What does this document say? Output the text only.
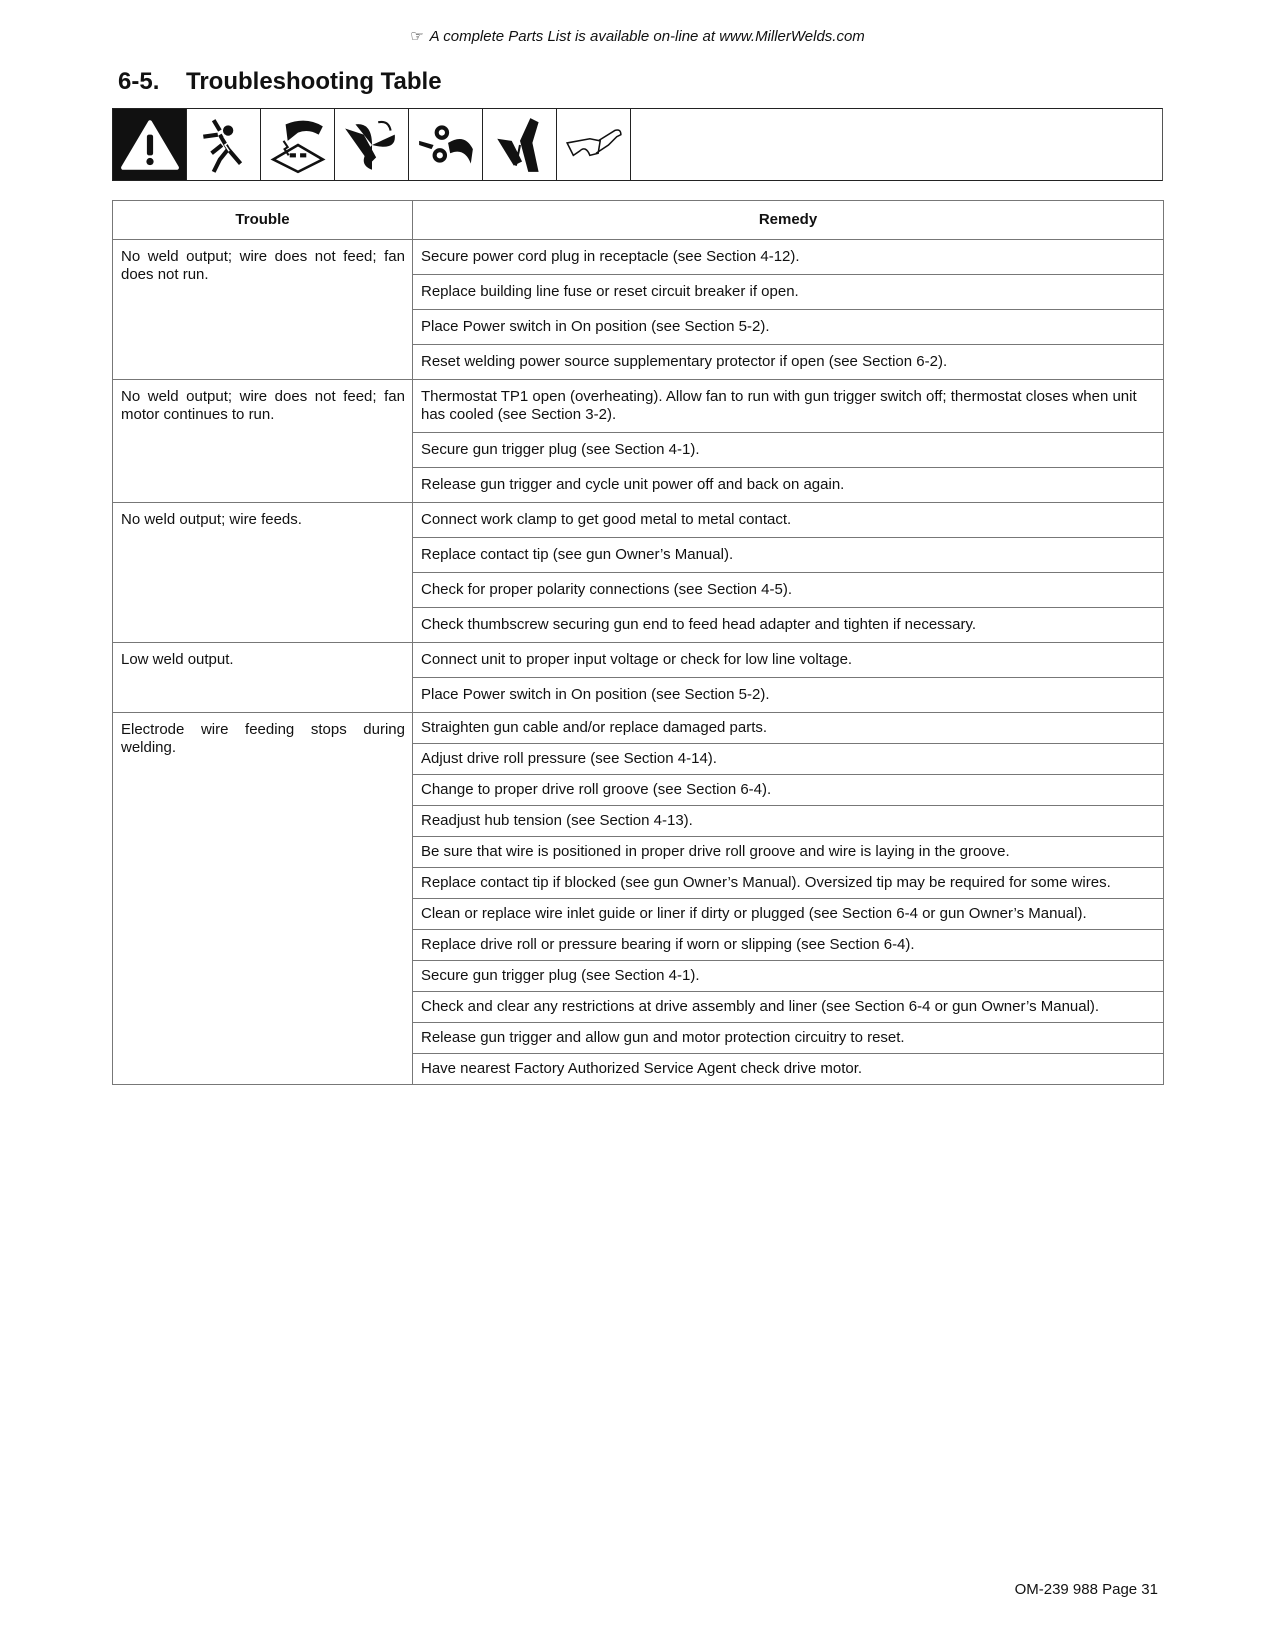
☞ A complete Parts List is available on-line at www.MillerWelds.com
6-5. Troubleshooting Table
Trouble	Remedy
No weld output; wire does not feed; fan does not run.	Secure power cord plug in receptacle (see Section 4-12).
	Replace building line fuse or reset circuit breaker if open.
	Place Power switch in On position (see Section 5-2).
	Reset welding power source supplementary protector if open (see Section 6-2).
No weld output; wire does not feed; fan motor continues to run.	Thermostat TP1 open (overheating). Allow fan to run with gun trigger switch off; thermostat closes when unit has cooled (see Section 3-2).
	Secure gun trigger plug (see Section 4-1).
	Release gun trigger and cycle unit power off and back on again.
No weld output; wire feeds.	Connect work clamp to get good metal to metal contact.
	Replace contact tip (see gun Owner’s Manual).
	Check for proper polarity connections (see Section 4-5).
	Check thumbscrew securing gun end to feed head adapter and tighten if necessary.
Low weld output.	Connect unit to proper input voltage or check for low line voltage.
	Place Power switch in On position (see Section 5-2).
Electrode wire feeding stops during welding.	Straighten gun cable and/or replace damaged parts.
	Adjust drive roll pressure (see Section 4-14).
	Change to proper drive roll groove (see Section 6-4).
	Readjust hub tension (see Section 4-13).
	Be sure that wire is positioned in proper drive roll groove and wire is laying in the groove.
	Replace contact tip if blocked (see gun Owner’s Manual). Oversized tip may be required for some wires.
	Clean or replace wire inlet guide or liner if dirty or plugged (see Section 6-4 or gun Owner’s Manual).
	Replace drive roll or pressure bearing if worn or slipping (see Section 6-4).
	Secure gun trigger plug (see Section 4-1).
	Check and clear any restrictions at drive assembly and liner (see Section 6-4 or gun Owner’s Manual).
	Release gun trigger and allow gun and motor protection circuitry to reset.
	Have nearest Factory Authorized Service Agent check drive motor.
OM-239 988 Page 31
